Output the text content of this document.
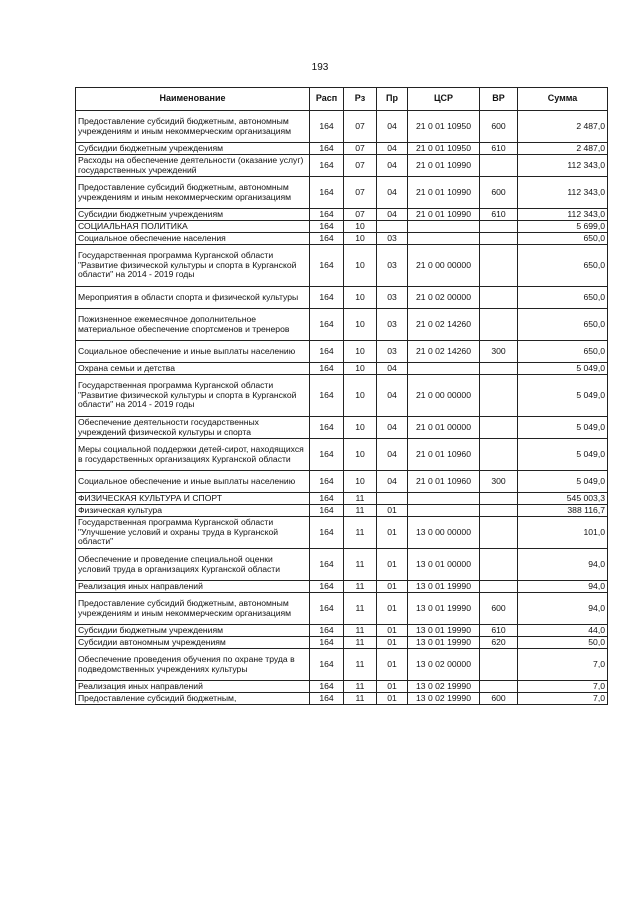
193
Наименование	Расп	Рз	Пр	ЦСР	ВР	Сумма
Предоставление субсидий бюджетным, автономным учреждениям и иным некоммерческим организациям	164	07	04	21 0 01 10950	600	2 487,0
Субсидии бюджетным учреждениям	164	07	04	21 0 01 10950	610	2 487,0
Расходы на обеспечение деятельности (оказание услуг) государственных учреждений	164	07	04	21 0 01 10990		112 343,0
Предоставление субсидий бюджетным, автономным учреждениям и иным некоммерческим организациям	164	07	04	21 0 01 10990	600	112 343,0
Субсидии бюджетным учреждениям	164	07	04	21 0 01 10990	610	112 343,0
СОЦИАЛЬНАЯ ПОЛИТИКА	164	10				5 699,0
Социальное обеспечение населения	164	10	03			650,0
Государственная программа Курганской области "Развитие физической культуры и спорта в Курганской области" на 2014 - 2019 годы	164	10	03	21 0 00 00000		650,0
Мероприятия в области спорта и физической культуры	164	10	03	21 0 02 00000		650,0
Пожизненное ежемесячное дополнительное материальное обеспечение спортсменов и тренеров	164	10	03	21 0 02 14260		650,0
Социальное обеспечение и иные выплаты населению	164	10	03	21 0 02 14260	300	650,0
Охрана семьи и детства	164	10	04			5 049,0
Государственная программа Курганской области "Развитие физической культуры и спорта в Курганской области" на 2014 - 2019 годы	164	10	04	21 0 00 00000		5 049,0
Обеспечение деятельности государственных учреждений физической культуры и спорта	164	10	04	21 0 01 00000		5 049,0
Меры социальной поддержки детей-сирот, находящихся в государственных организациях Курганской области	164	10	04	21 0 01 10960		5 049,0
Социальное обеспечение и иные выплаты населению	164	10	04	21 0 01 10960	300	5 049,0
ФИЗИЧЕСКАЯ КУЛЬТУРА И СПОРТ	164	11				545 003,3
Физическая культура	164	11	01			388 116,7
Государственная программа Курганской области "Улучшение условий и охраны труда в Курганской области"	164	11	01	13 0 00 00000		101,0
Обеспечение и проведение специальной оценки условий труда в организациях Курганской области	164	11	01	13 0 01 00000		94,0
Реализация иных направлений	164	11	01	13 0 01 19990		94,0
Предоставление субсидий бюджетным, автономным учреждениям и иным некоммерческим организациям	164	11	01	13 0 01 19990	600	94,0
Субсидии бюджетным учреждениям	164	11	01	13 0 01 19990	610	44,0
Субсидии автономным учреждениям	164	11	01	13 0 01 19990	620	50,0
Обеспечение проведения обучения по охране труда в подведомственных учреждениях культуры	164	11	01	13 0 02 00000		7,0
Реализация иных направлений	164	11	01	13 0 02 19990		7,0
Предоставление субсидий бюджетным,	164	11	01	13 0 02 19990	600	7,0
